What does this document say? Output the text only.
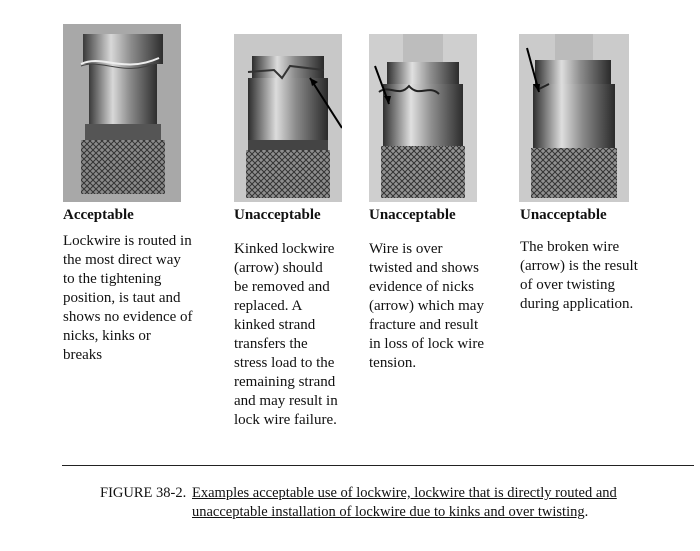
Acceptable	Unacceptable	Unacceptable	Unacceptable
Lockwire is routed in
the most direct way
to the tightening
position, is taut and
shows no evidence of
nicks, kinks or
breaks
Kinked lockwire
(arrow) should
be removed and
replaced. A
kinked strand
transfers the
stress load to the
remaining strand
and may result in
lock wire failure.
Wire is over
twisted and shows
evidence of nicks
(arrow) which may
fracture and result
in loss of lock wire
tension.
The broken wire
(arrow) is the result
of over twisting
during application.
FIGURE 38-2. Examples acceptable use of lockwire, lockwire that is directly routed and
unacceptable installation of lockwire due to kinks and over twisting.
